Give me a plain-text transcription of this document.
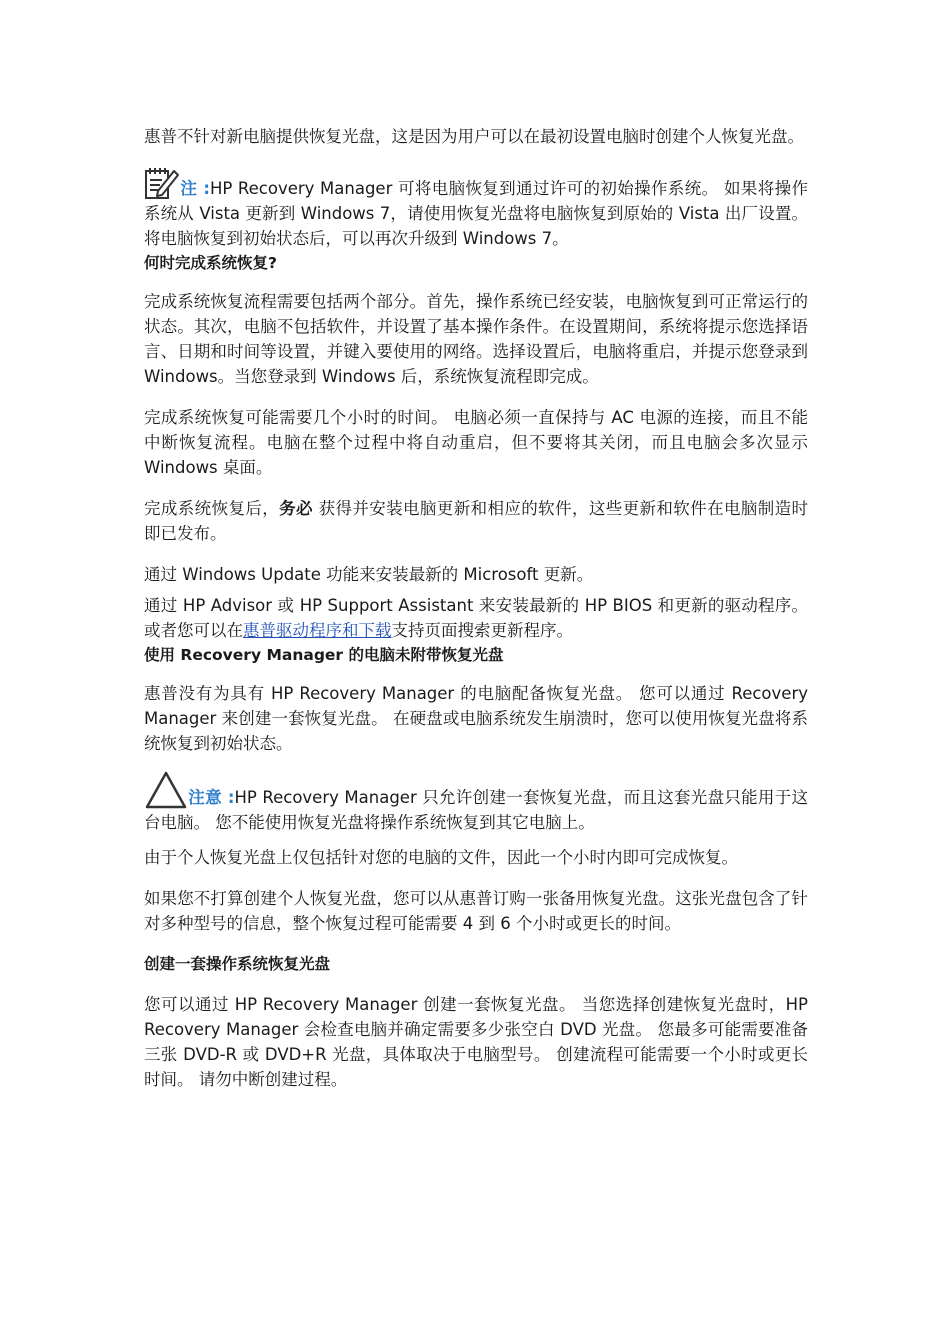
惠普不针对新电脑提供恢复光盘，这是因为用户可以在最初设置电脑时创建个人恢复光盘。

注 :HP Recovery Manager 可将电脑恢复到通过许可的初始操作系统。 如果将操作系统从 Vista 更新到 Windows 7，请使用恢复光盘将电脑恢复到原始的 Vista 出厂设置。 将电脑恢复到初始状态后，可以再次升级到 Windows 7。

何时完成系统恢复?

完成系统恢复流程需要包括两个部分。首先，操作系统已经安装，电脑恢复到可正常运行的状态。其次，电脑不包括软件，并设置了基本操作条件。在设置期间，系统将提示您选择语言、日期和时间等设置，并键入要使用的网络。选择设置后，电脑将重启，并提示您登录到 Windows。当您登录到 Windows 后，系统恢复流程即完成。

完成系统恢复可能需要几个小时的时间。 电脑必须一直保持与 AC 电源的连接，而且不能中断恢复流程。电脑在整个过程中将自动重启，但不要将其关闭，而且电脑会多次显示 Windows 桌面。

完成系统恢复后，务必 获得并安装电脑更新和相应的软件，这些更新和软件在电脑制造时即已发布。

通过 Windows Update 功能来安装最新的 Microsoft 更新。

通过 HP Advisor 或 HP Support Assistant 来安装最新的 HP BIOS 和更新的驱动程序。 或者您可以在惠普驱动程序和下载支持页面搜索更新程序。

使用 Recovery Manager 的电脑未附带恢复光盘

惠普没有为具有 HP Recovery Manager 的电脑配备恢复光盘。 您可以通过 Recovery Manager 来创建一套恢复光盘。 在硬盘或电脑系统发生崩溃时，您可以使用恢复光盘将系统恢复到初始状态。

注意 :HP Recovery Manager 只允许创建一套恢复光盘，而且这套光盘只能用于这台电脑。 您不能使用恢复光盘将操作系统恢复到其它电脑上。

由于个人恢复光盘上仅包括针对您的电脑的文件，因此一个小时内即可完成恢复。

如果您不打算创建个人恢复光盘，您可以从惠普订购一张备用恢复光盘。这张光盘包含了针对多种型号的信息，整个恢复过程可能需要 4 到 6 个小时或更长的时间。

创建一套操作系统恢复光盘

您可以通过 HP Recovery Manager 创建一套恢复光盘。 当您选择创建恢复光盘时，HP Recovery Manager 会检查电脑并确定需要多少张空白 DVD 光盘。 您最多可能需要准备三张 DVD-R 或 DVD+R 光盘，具体取决于电脑型号。 创建流程可能需要一个小时或更长时间。 请勿中断创建过程。
